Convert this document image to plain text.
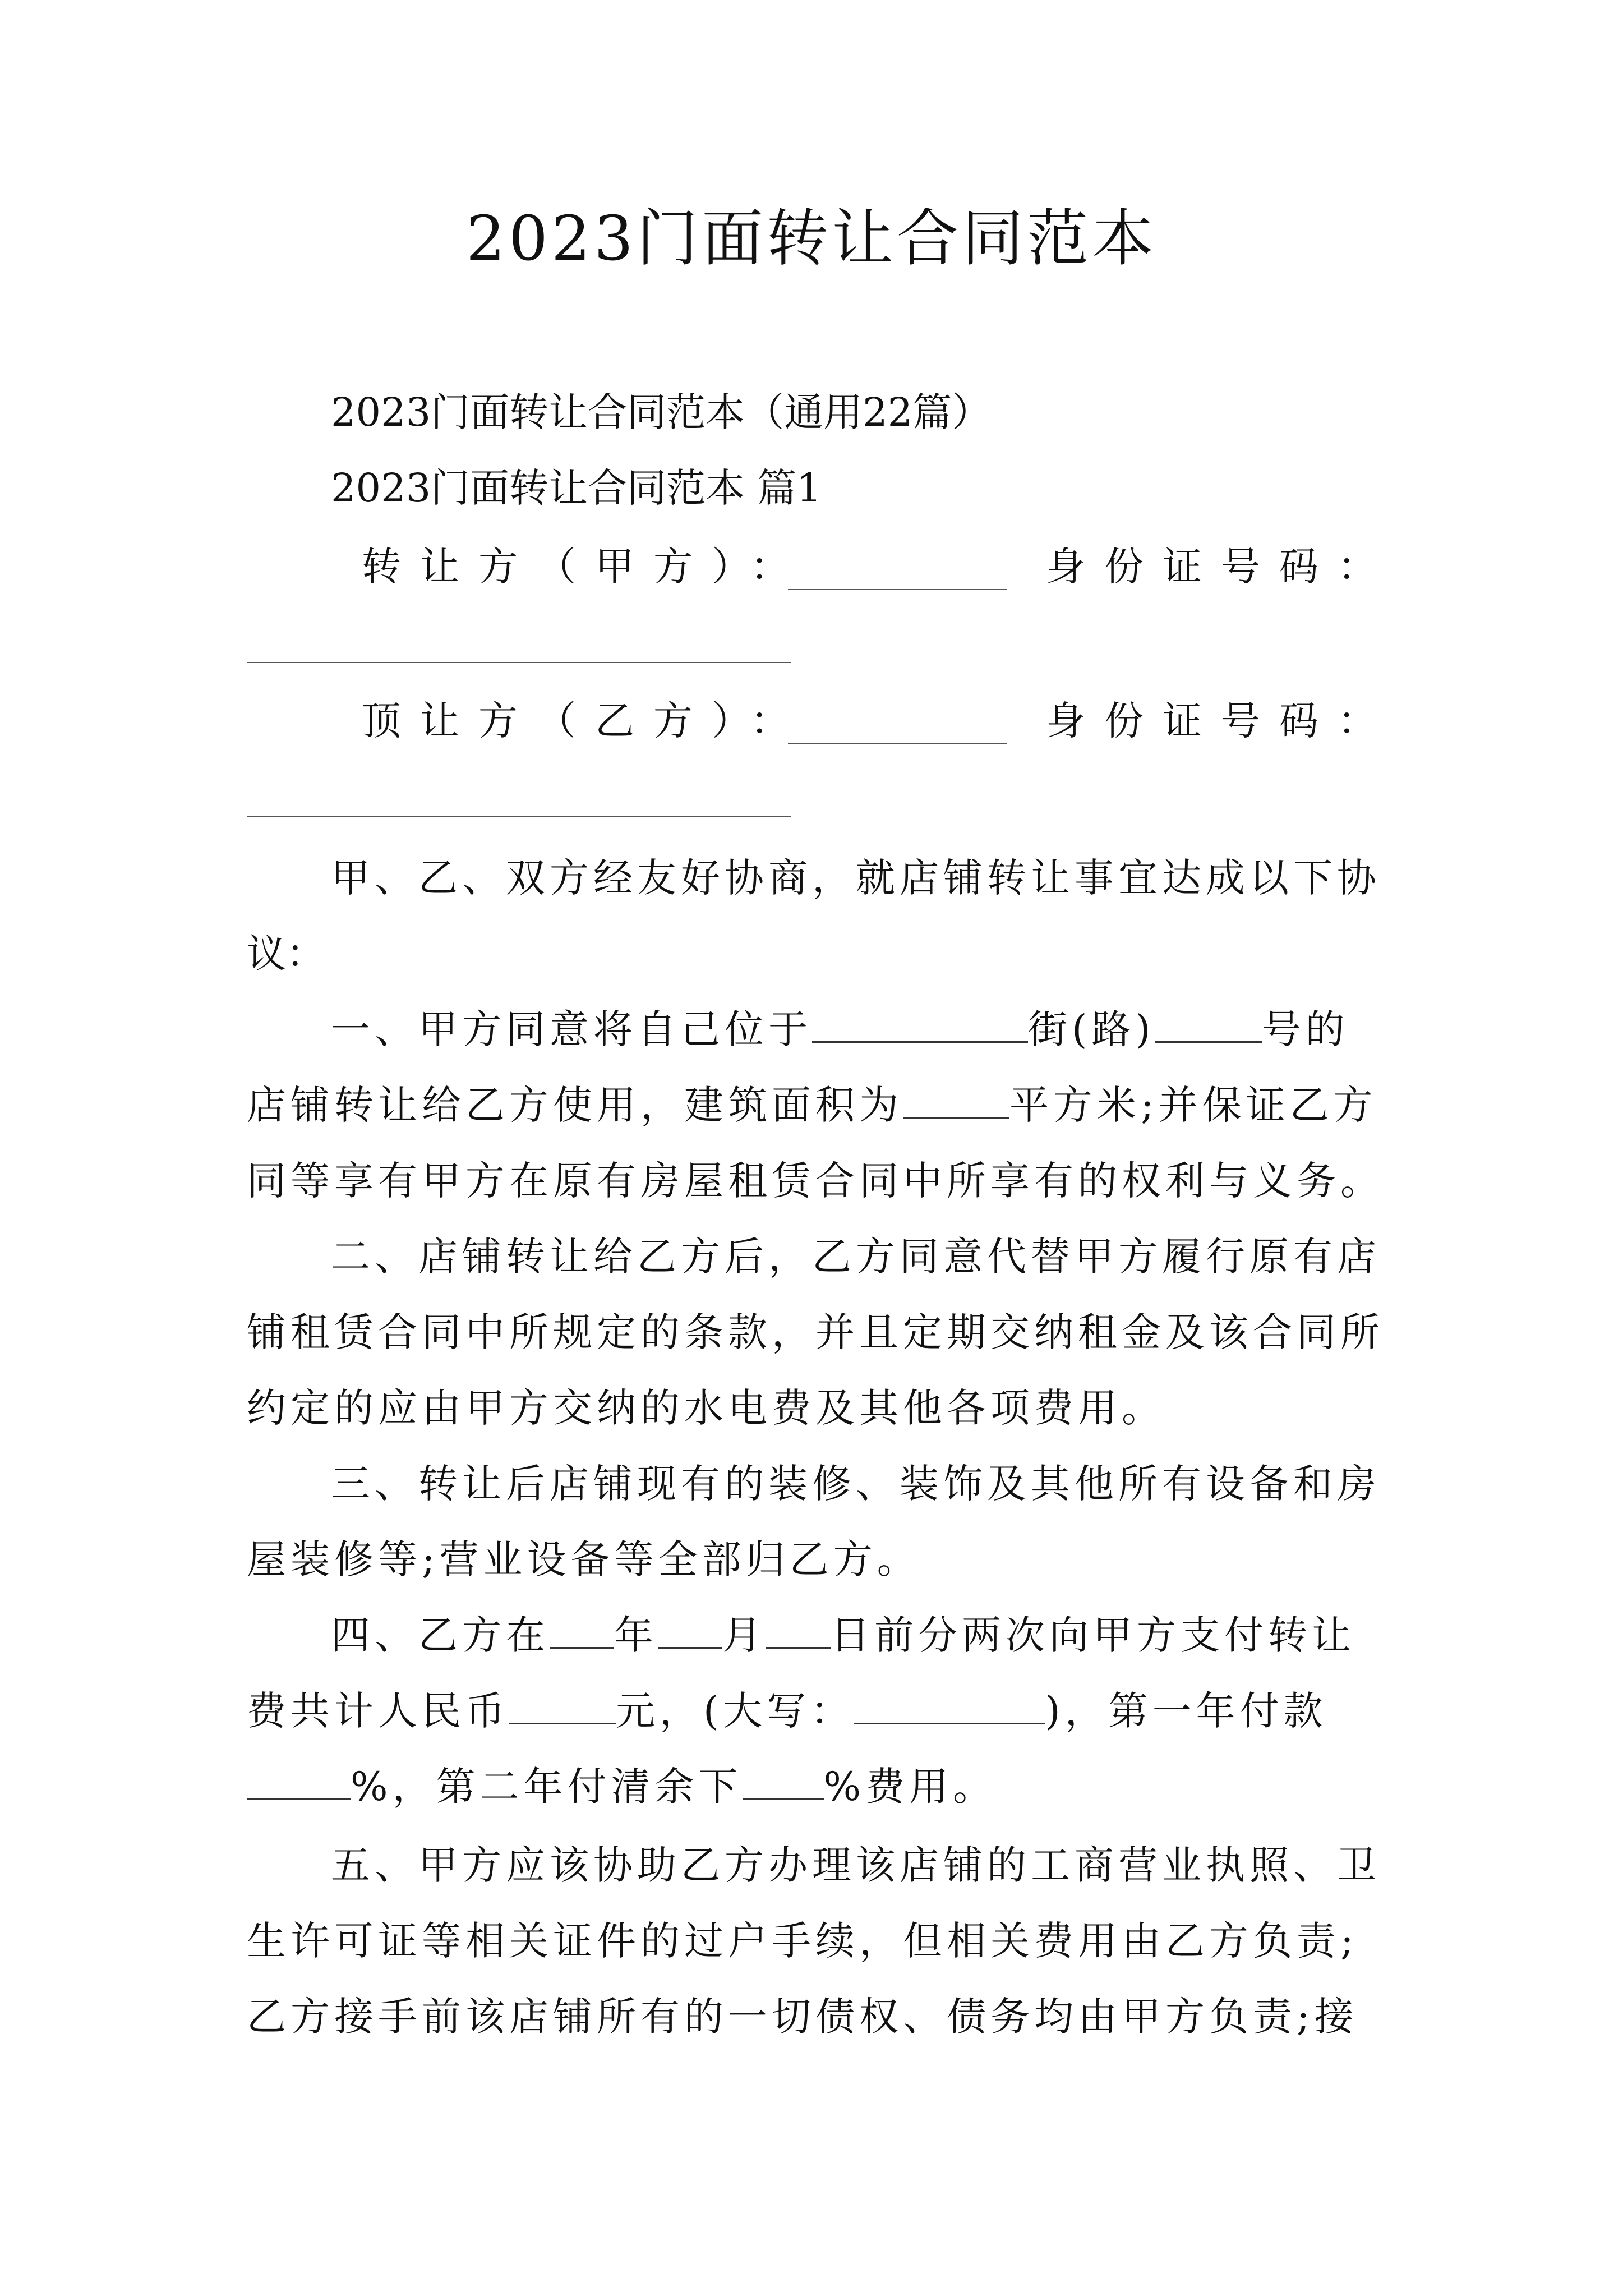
2023门面转让合同范本
2023门面转让合同范本（通用22篇）
2023门面转让合同范本 篇1
转让方（甲方）：	身份证号码：
顶让方（乙方）：	身份证号码：
甲、乙、双方经友好协商，就店铺转让事宜达成以下协
议：
一、甲方同意将自己位于	街(路)	号的
店铺转让给乙方使用，建筑面积为	平方米;并保证乙方
同等享有甲方在原有房屋租赁合同中所享有的权利与义务。
二、店铺转让给乙方后，乙方同意代替甲方履行原有店
铺租赁合同中所规定的条款，并且定期交纳租金及该合同所
约定的应由甲方交纳的水电费及其他各项费用。
三、转让后店铺现有的装修、装饰及其他所有设备和房
屋装修等;营业设备等全部归乙方。
四、乙方在 年 月 日前分两次向甲方支付转让
费共计人民币	元，(大写：	)，第一年付款
%，第二年付清余下 %费用。
五、甲方应该协助乙方办理该店铺的工商营业执照、卫
生许可证等相关证件的过户手续，但相关费用由乙方负责;
乙方接手前该店铺所有的一切债权、债务均由甲方负责;接
